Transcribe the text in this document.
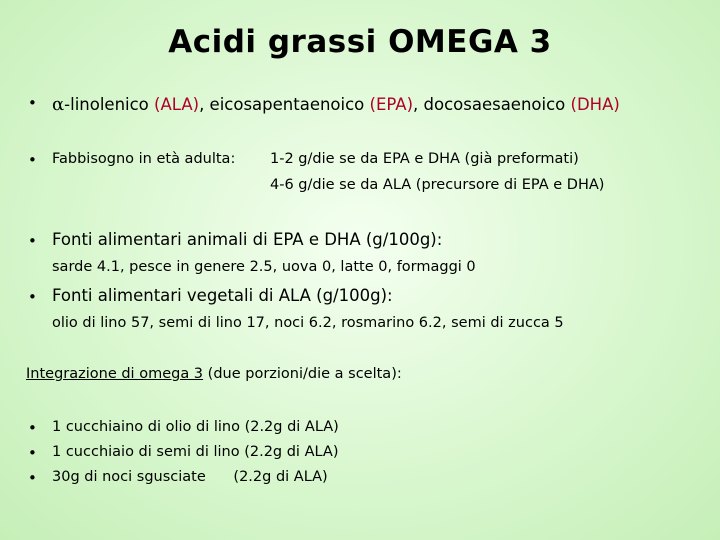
Acidi grassi OMEGA 3
• α-linolenico (ALA), eicosapentaenoico (EPA), docosaesaenoico (DHA)
• Fabbisogno in età adulta: 1-2 g/die se da EPA e DHA (già preformati)
4-6 g/die se da ALA (precursore di EPA e DHA)
• Fonti alimentari animali di EPA e DHA (g/100g):
sarde 4.1, pesce in genere 2.5, uova 0, latte 0, formaggi 0
• Fonti alimentari vegetali di ALA (g/100g):
olio di lino 57, semi di lino 17, noci 6.2, rosmarino 6.2, semi di zucca 5
Integrazione di omega 3 (due porzioni/die a scelta):
• 1 cucchiaino di olio di lino (2.2g di ALA)
• 1 cucchiaio di semi di lino (2.2g di ALA)
• 30g di noci sgusciate      (2.2g di ALA)
